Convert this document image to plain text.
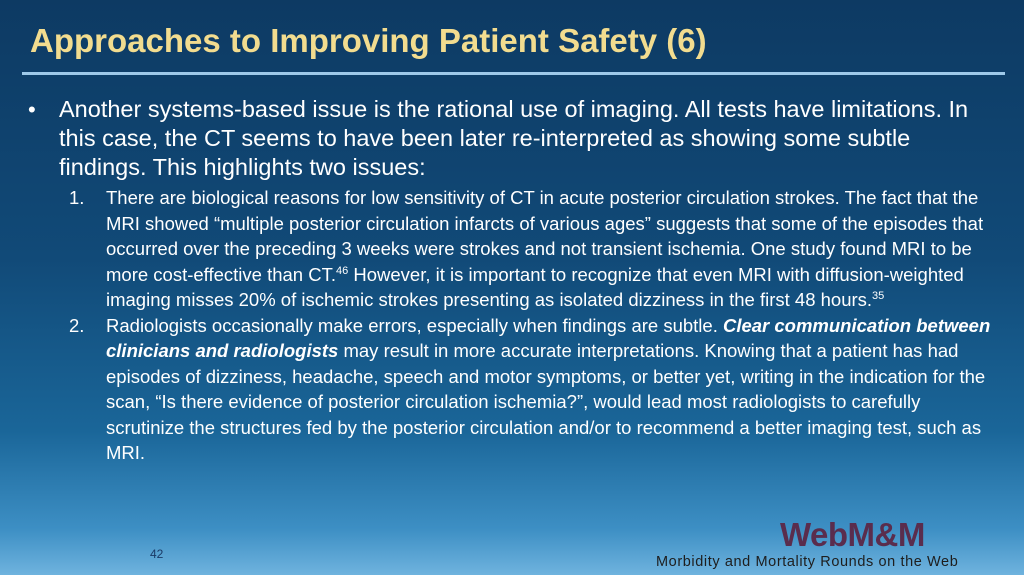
Approaches to Improving Patient Safety (6)
• Another systems-based issue is the rational use of imaging. All tests have limitations. In this case, the CT seems to have been later re-interpreted as showing some subtle findings. This highlights two issues:
1. There are biological reasons for low sensitivity of CT in acute posterior circulation strokes. The fact that the MRI showed “multiple posterior circulation infarcts of various ages” suggests that some of the episodes that occurred over the preceding 3 weeks were strokes and not transient ischemia. One study found MRI to be more cost-effective than CT.$^{46}$ However, it is important to recognize that even MRI with diffusion-weighted imaging misses 20% of ischemic strokes presenting as isolated dizziness in the first 48 hours.$^{35}$
2. Radiologists occasionally make errors, especially when findings are subtle. Clear communication between clinicians and radiologists may result in more accurate interpretations. Knowing that a patient has had episodes of dizziness, headache, speech and motor symptoms, or better yet, writing in the indication for the scan, “Is there evidence of posterior circulation ischemia?”, would lead most radiologists to carefully scrutinize the structures fed by the posterior circulation and/or to recommend a better imaging test, such as MRI.
42
WebM&M
Morbidity and Mortality Rounds on the Web
